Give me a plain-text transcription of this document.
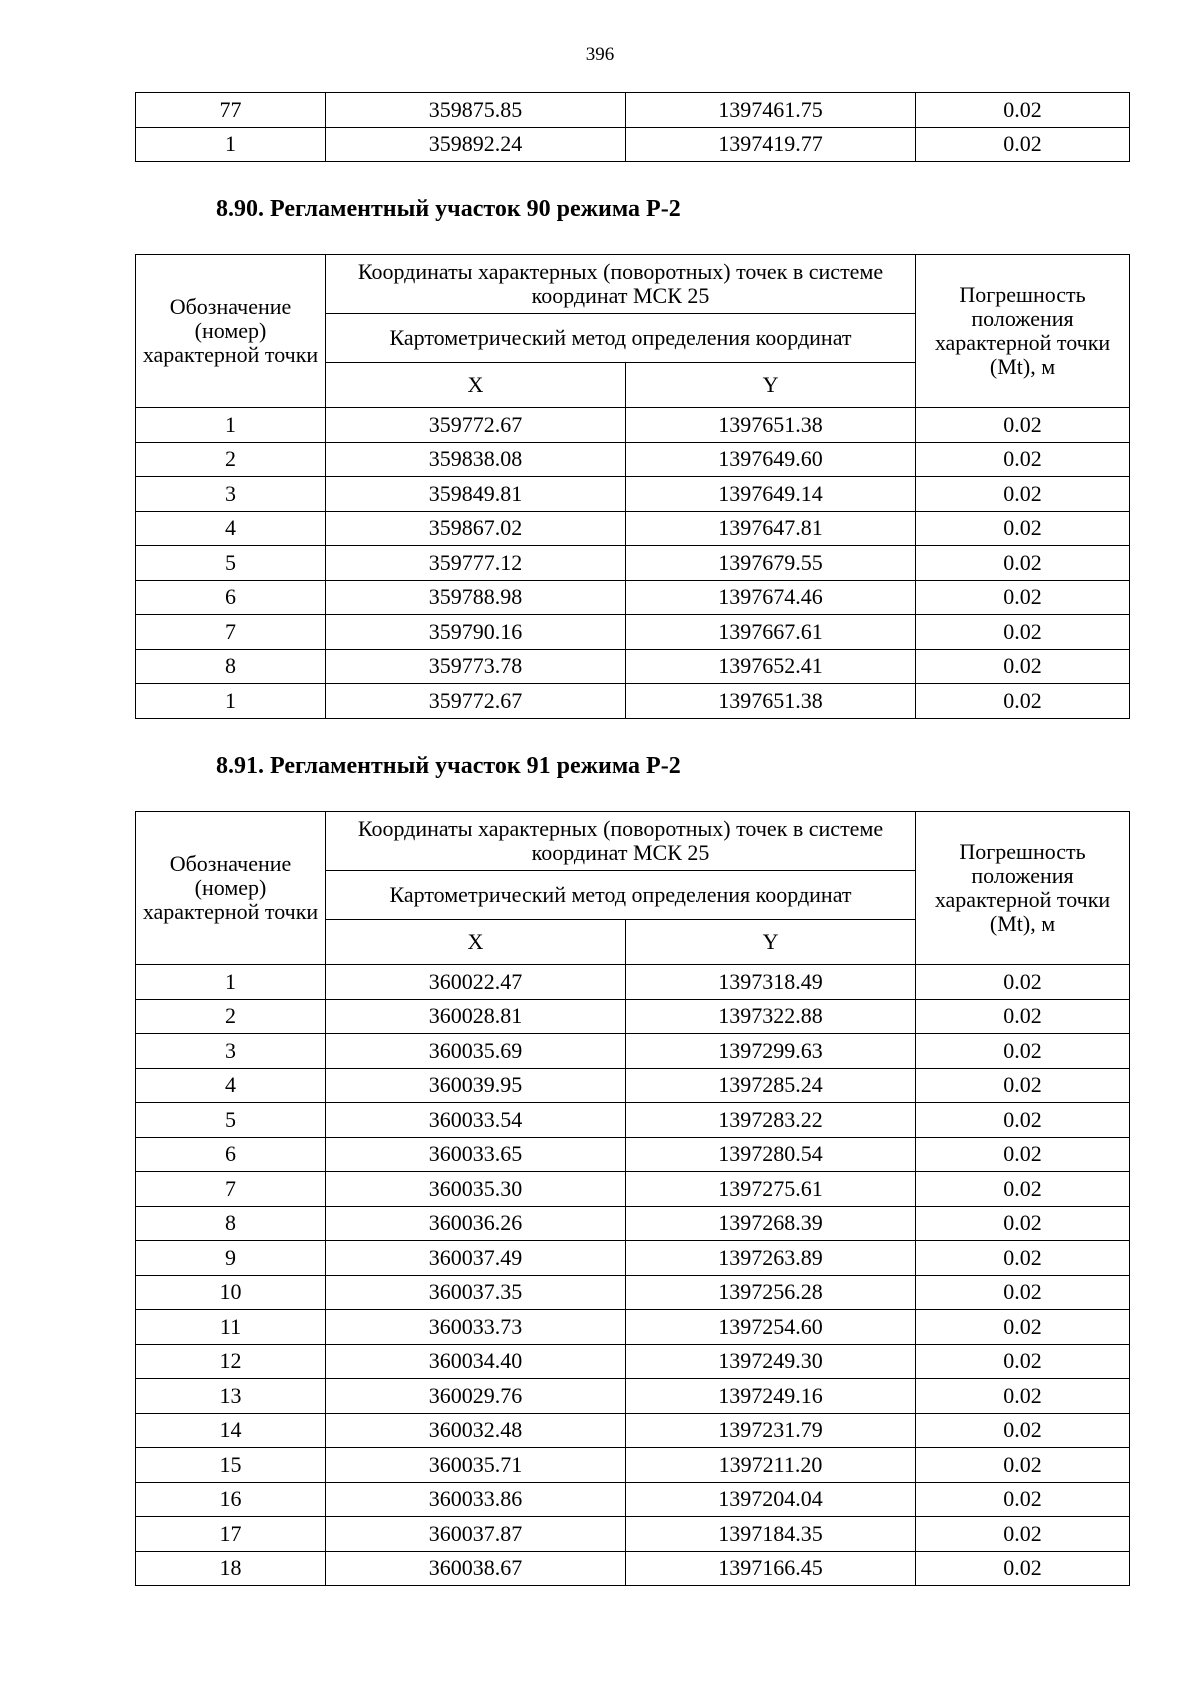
396
77	359875.85	1397461.75	0.02
1	359892.24	1397419.77	0.02
8.90. Регламентный участок 90 режима Р-2
Обозначение (номер) характерной точки	Координаты характерных (поворотных) точек в системе координат МСК 25		Погрешность положения характерной точки (Mt), м
	Картометрический метод определения координат		
	X	Y	
1	359772.67	1397651.38	0.02
2	359838.08	1397649.60	0.02
3	359849.81	1397649.14	0.02
4	359867.02	1397647.81	0.02
5	359777.12	1397679.55	0.02
6	359788.98	1397674.46	0.02
7	359790.16	1397667.61	0.02
8	359773.78	1397652.41	0.02
1	359772.67	1397651.38	0.02
8.91. Регламентный участок 91 режима Р-2
Обозначение (номер) характерной точки	Координаты характерных (поворотных) точек в системе координат МСК 25		Погрешность положения характерной точки (Mt), м
	Картометрический метод определения координат		
	X	Y	
1	360022.47	1397318.49	0.02
2	360028.81	1397322.88	0.02
3	360035.69	1397299.63	0.02
4	360039.95	1397285.24	0.02
5	360033.54	1397283.22	0.02
6	360033.65	1397280.54	0.02
7	360035.30	1397275.61	0.02
8	360036.26	1397268.39	0.02
9	360037.49	1397263.89	0.02
10	360037.35	1397256.28	0.02
11	360033.73	1397254.60	0.02
12	360034.40	1397249.30	0.02
13	360029.76	1397249.16	0.02
14	360032.48	1397231.79	0.02
15	360035.71	1397211.20	0.02
16	360033.86	1397204.04	0.02
17	360037.87	1397184.35	0.02
18	360038.67	1397166.45	0.02
